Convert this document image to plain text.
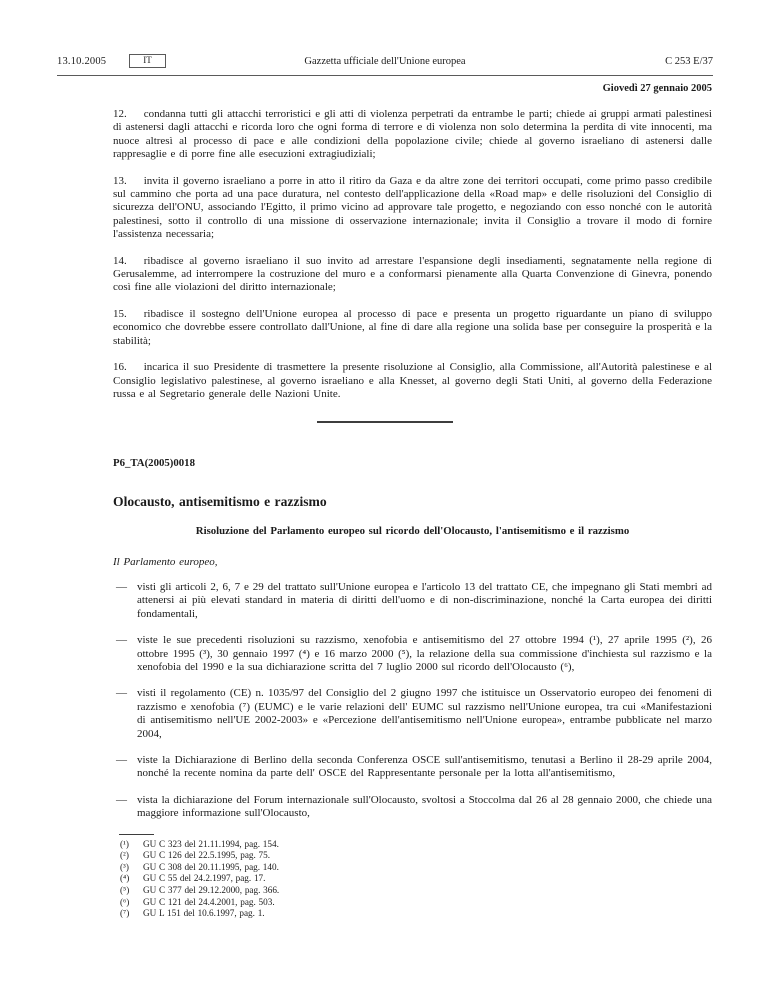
13.10.2005	IT	Gazzetta ufficiale dell'Unione europea	C 253 E/37
Giovedì 27 gennaio 2005

12. condanna tutti gli attacchi terroristici e gli atti di violenza perpetrati da entrambe le parti; chiede ai gruppi armati palestinesi di astenersi dagli attacchi e ricorda loro che ogni forma di terrore e di violenza non solo determina la perdita di vite innocenti, ma nuoce altresì al processo di pace e alle condizioni della popolazione civile; chiede al governo israeliano di astenersi dalle rappresaglie e di porre fine alle esecuzioni extragiudiziali;

13. invita il governo israeliano a porre in atto il ritiro da Gaza e da altre zone dei territori occupati, come primo passo credibile sul cammino che porta ad una pace duratura, nel contesto dell'applicazione della «Road map» e delle risoluzioni del Consiglio di sicurezza dell'ONU, associando l'Egitto, il primo vicino ad approvare tale progetto, e negoziando con esso nonché con le autorità palestinesi, sotto il controllo di una missione di osservazione internazionale; invita il Consiglio a trovare il modo di fornire l'assistenza necessaria;

14. ribadisce al governo israeliano il suo invito ad arrestare l'espansione degli insediamenti, segnatamente nella regione di Gerusalemme, ad interrompere la costruzione del muro e a conformarsi pienamente alla Quarta Convenzione di Ginevra, ponendo così fine alle violazioni del diritto internazionale;

15. ribadisce il sostegno dell'Unione europea al processo di pace e presenta un progetto riguardante un piano di sviluppo economico che dovrebbe essere controllato dall'Unione, al fine di dare alla regione una solida base per conseguire la prosperità e la stabilità;

16. incarica il suo Presidente di trasmettere la presente risoluzione al Consiglio, alla Commissione, all'Autorità palestinese e al Consiglio legislativo palestinese, al governo israeliano e alla Knesset, al governo degli Stati Uniti, al governo della Federazione russa e al Segretario generale delle Nazioni Unite.

P6_TA(2005)0018

Olocausto, antisemitismo e razzismo
Risoluzione del Parlamento europeo sul ricordo dell'Olocausto, l'antisemitismo e il razzismo

Il Parlamento europeo,

— visti gli articoli 2, 6, 7 e 29 del trattato sull'Unione europea e l'articolo 13 del trattato CE, che impegnano gli Stati membri ad attenersi ai più elevati standard in materia di diritti dell'uomo e di non-discriminazione, nonché la Carta europea dei diritti fondamentali,
— viste le sue precedenti risoluzioni su razzismo, xenofobia e antisemitismo del 27 ottobre 1994 (¹), 27 aprile 1995 (²), 26 ottobre 1995 (³), 30 gennaio 1997 (⁴) e 16 marzo 2000 (⁵), la relazione della sua commissione d'inchiesta sul razzismo e la xenofobia del 1990 e la sua dichiarazione scritta del 7 luglio 2000 sul ricordo dell'Olocausto (⁶),
— visti il regolamento (CE) n. 1035/97 del Consiglio del 2 giugno 1997 che istituisce un Osservatorio europeo dei fenomeni di razzismo e xenofobia (⁷) (EUMC) e le varie relazioni dell' EUMC sul razzismo nell'Unione europea, tra cui «Manifestazioni di antisemitismo nell'UE 2002-2003» e «Percezione dell'antisemitismo nell'Unione europea», entrambe pubblicate nel marzo 2004,
— viste la Dichiarazione di Berlino della seconda Conferenza OSCE sull'antisemitismo, tenutasi a Berlino il 28-29 aprile 2004, nonché la recente nomina da parte dell' OSCE del Rappresentante personale per la lotta all'antisemitismo,
— vista la dichiarazione del Forum internazionale sull'Olocausto, svoltosi a Stoccolma dal 26 al 28 gennaio 2000, che chiede una maggiore informazione sull'Olocausto,
(¹)	GU C 323 del 21.11.1994, pag. 154.
(²)	GU C 126 del 22.5.1995, pag. 75.
(³)	GU C 308 del 20.11.1995, pag. 140.
(⁴)	GU C 55 del 24.2.1997, pag. 17.
(⁵)	GU C 377 del 29.12.2000, pag. 366.
(⁶)	GU C 121 del 24.4.2001, pag. 503.
(⁷)	GU L 151 del 10.6.1997, pag. 1.
